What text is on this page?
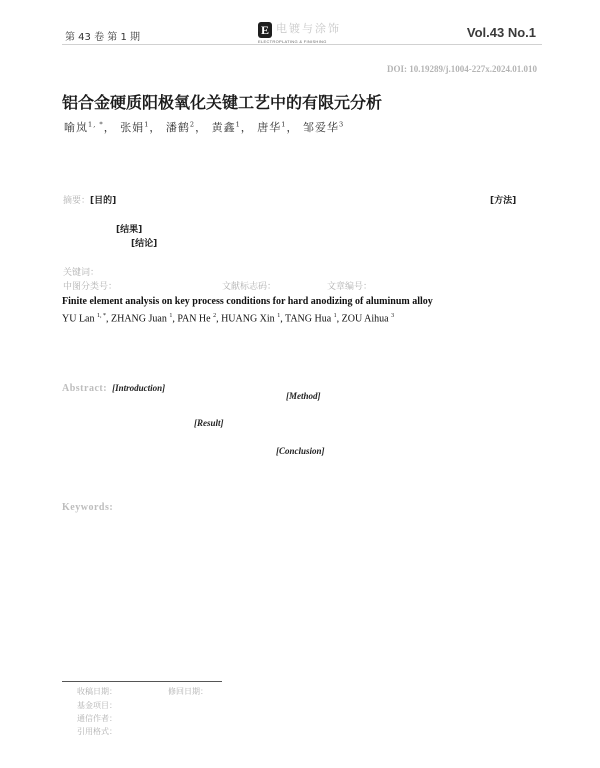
第 43 卷 第 1 期
E 电镀与涂饰
ELECTROPLATING & FINISHING
Vol.43 No.1
DOI: 10.19289/j.1004-227x.2024.01.010
铝合金硬质阳极氧化关键工艺中的有限元分析
喻岚$^{1, *}$， 张娟$^1$， 潘鹤$^2$， 黄鑫$^1$， 唐华$^1$， 邹爱华$^3$
摘要：[目的]	[方法]
[结果]
[结论]
关键词：
中图分类号：	文献标志码：	文章编号：
Finite element analysis on key process conditions for hard anodizing of aluminum alloy
YU Lan $^{1, *}$, ZHANG Juan $^1$, PAN He $^2$, HUANG Xin $^1$, TANG Hua $^1$, ZOU Aihua $^3$
Abstract: [Introduction]
[Method]
[Result]
[Conclusion]
Keywords:
收稿日期：	修回日期：
基金项目：
通信作者：
引用格式：
